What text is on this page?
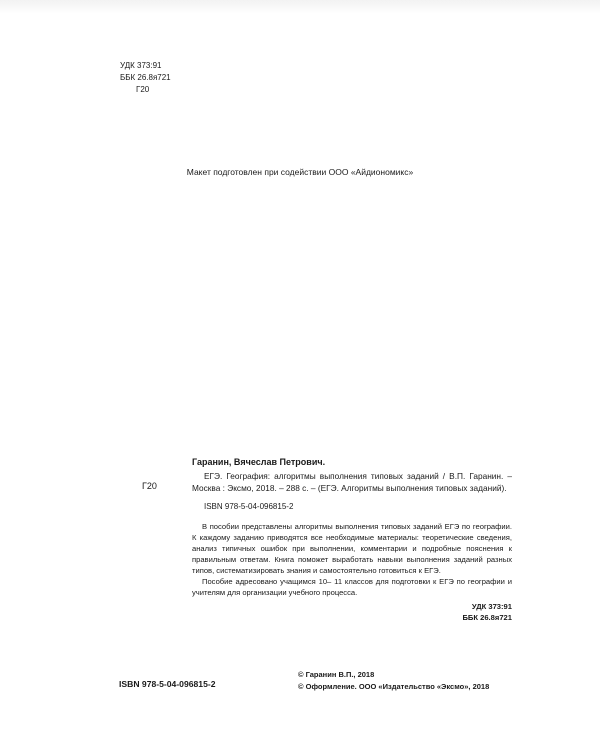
УДК 373:91
ББК 26.8я721
Г20
Макет подготовлен при содействии ООО «Айдиономикс»
Г20
Гаранин, Вячеслав Петрович.
ЕГЭ. География: алгоритмы выполнения типовых заданий / В.П. Гаранин. – Москва : Эксмо, 2018. – 288 с. – (ЕГЭ. Алгоритмы выполнения типовых заданий).
ISBN 978-5-04-096815-2

В пособии представлены алгоритмы выполнения типовых заданий ЕГЭ по географии. К каждому заданию приводятся все необходимые материалы: теоретические сведения, анализ типичных ошибок при выполнении, комментарии и подробные пояснения к правильным ответам. Книга поможет выработать навыки выполнения заданий разных типов, систематизировать знания и самостоятельно готовиться к ЕГЭ.

Пособие адресовано учащимся 10– 11 классов для подготовки к ЕГЭ по географии и учителям для организации учебного процесса.

УДК 373:91
ББК 26.8я721
ISBN 978-5-04-096815-2
© Гаранин В.П., 2018
© Оформление. ООО «Издательство «Эксмо», 2018
